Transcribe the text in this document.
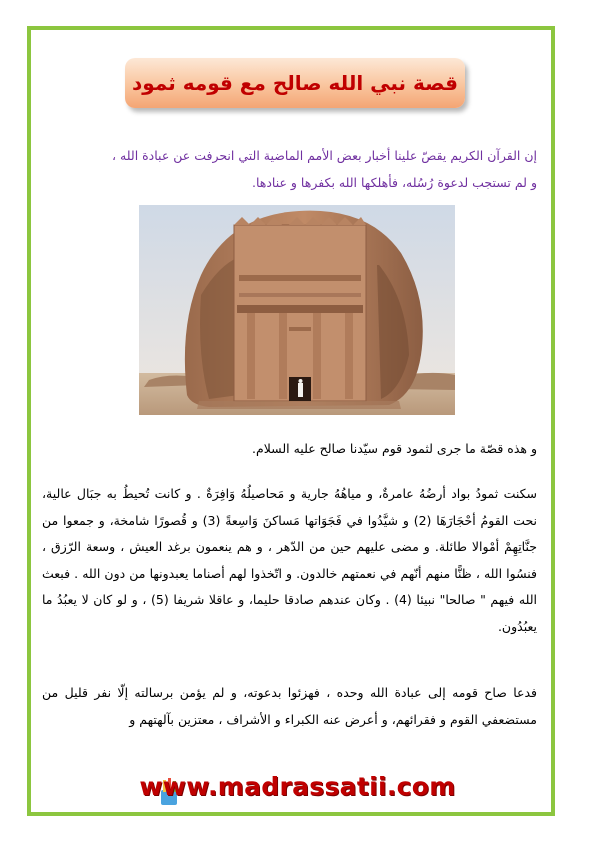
قصة نبي الله صالح مع قومه ثمود
إن القرآن الكريم يقصّ علينا أخبار بعض الأمم الماضية التي انحرفت عن عبادة الله ،
و لم تستجب لدعوة رُسُله، فأهلكها الله بكفرها و عنادها.
و هذه قصّة ما جرى لثمود قوم سيّدنا صالح عليه السلام.
سكنت ثمودُ بواد أرضُهُ عامرةٌ، و مياهُهُ جارية و مَحاصيلُهُ وَافِرَةٌ . و كانت تُحيطُ به جبَال عالية، نحت القومُ أحْجَارَهَا (2) و شيَّدُوا في فَجَوَاتها مَساكنَ وَاسِعةً (3) و قُصورًا شامخة، و جمعوا من جنَّاتِهِمْ أمْوالا طائلة. و مضى عليهم حين من الدّهر ، و هم ينعمون برغد العيش ، وسعة الرّزق ، فنسُوا الله ، ظنًّا منهم أنّهم في نعمتهم خالدون. و اتّخذوا لهم أصناما يعبدونها من دون الله . فبعث الله فيهم " صالحا" نبيئا (4) . وكان عندهم صادقا حليما، و عاقلا شريفا (5) ، و لو كان لا يعبُدُ ما يعبُدُون.
فدعا صاح قومه إلى عبادة الله وحده ، فهزئوا بدعوته، و لم يؤمن برسالته إلّا نفر قليل من مستضعفي القوم و فقرائهم، و أعرض عنه الكبراء و الأشراف ، معتزين بآلهتهم و
www.madrassatii.com
